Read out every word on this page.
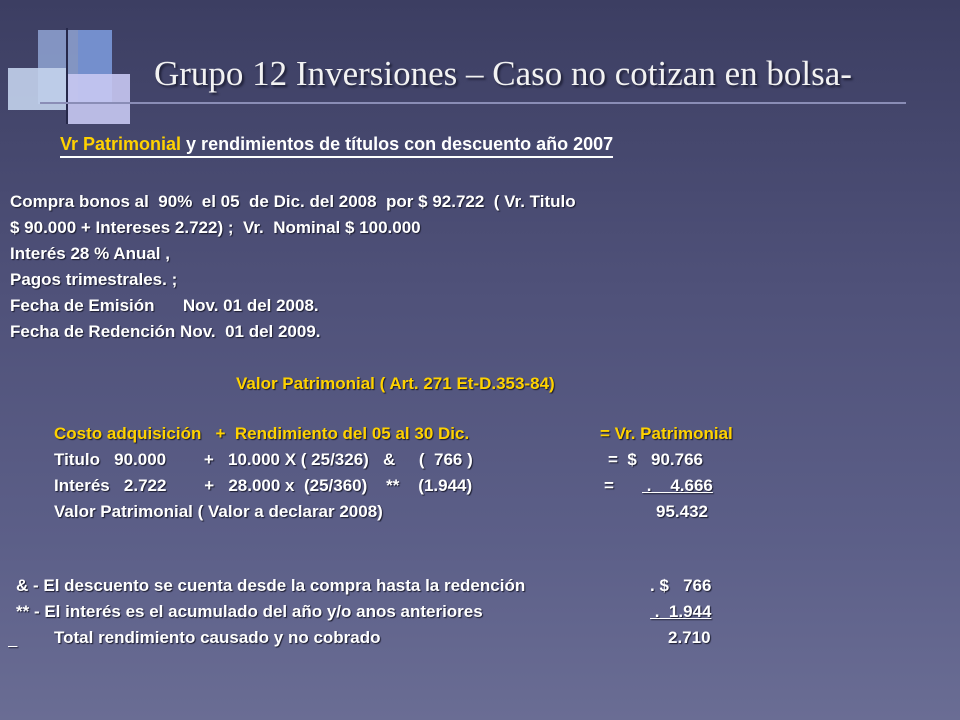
Grupo 12 Inversiones – Caso no cotizan en bolsa-
Vr Patrimonial y rendimientos de títulos con descuento año 2007
Compra bonos al  90%  el 05  de Dic. del 2008  por $ 92.722  ( Vr. Titulo
$ 90.000 + Intereses 2.722) ;  Vr.  Nominal $ 100.000
Interés 28 % Anual ,
Pagos trimestrales. ;
Fecha de Emisión      Nov. 01 del 2008.
Fecha de Redención Nov.  01 del 2009.
Valor Patrimonial ( Art. 271 Et-D.353-84)
Costo adquisición   +  Rendimiento del 05 al 30 Dic.	= Vr. Patrimonial
Titulo   90.000        +   10.000 X ( 25/326)   &     (  766 )	=  $   90.766
Interés   2.722        +   28.000 x  (25/360)    **    (1.944)	= .    4.666
Valor Patrimonial ( Valor a declarar 2008)	95.432
& - El descuento se cuenta desde la compra hasta la redención	. $   766
** - El interés es el acumulado del año y/o anos anteriores	.  1.944

Total rendimiento causado y no cobrado	2.710
